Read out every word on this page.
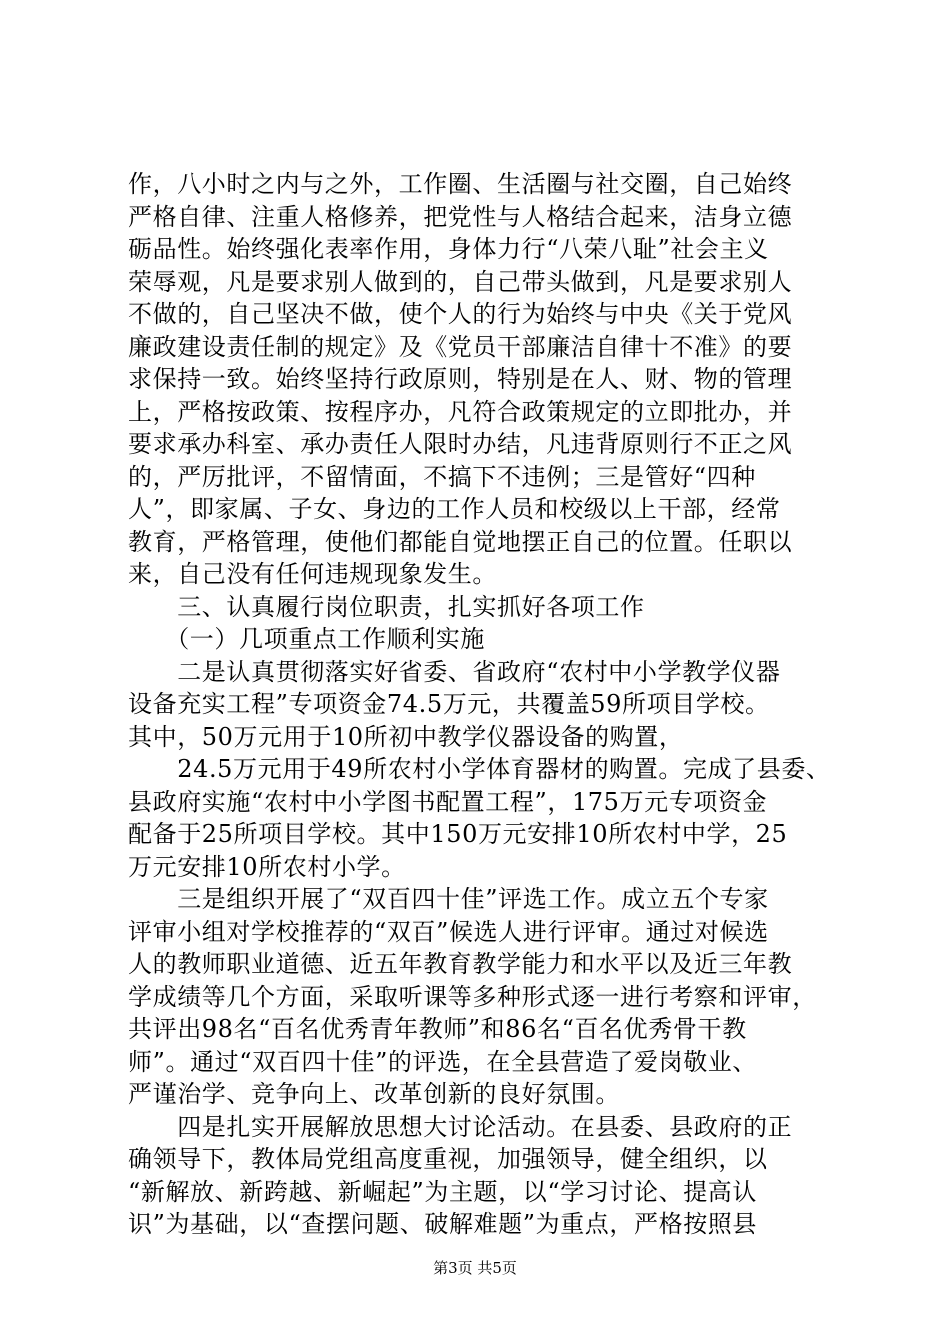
作，八小时之内与之外，工作圈、生活圈与社交圈，自己始终
严格自律、注重人格修养，把党性与人格结合起来，洁身立德
砺品性。始终强化表率作用，身体力行“八荣八耻”社会主义
荣辱观，凡是要求别人做到的，自己带头做到，凡是要求别人
不做的，自己坚决不做，使个人的行为始终与中央《关于党风
廉政建设责任制的规定》及《党员干部廉洁自律十不准》的要
求保持一致。始终坚持行政原则，特别是在人、财、物的管理
上，严格按政策、按程序办，凡符合政策规定的立即批办，并
要求承办科室、承办责任人限时办结，凡违背原则行不正之风
的，严厉批评，不留情面，不搞下不违例；三是管好“四种
人”，即家属、子女、身边的工作人员和校级以上干部，经常
教育，严格管理，使他们都能自觉地摆正自己的位置。任职以
来，自己没有任何违规现象发生。
　　三、认真履行岗位职责，扎实抓好各项工作
　　（一）几项重点工作顺利实施
　　二是认真贯彻落实好省委、省政府“农村中小学教学仪器
设备充实工程”专项资金74.5万元，共覆盖59所项目学校。
其中，50万元用于10所初中教学仪器设备的购置，
　　24.5万元用于49所农村小学体育器材的购置。完成了县委、
县政府实施“农村中小学图书配置工程”，175万元专项资金
配备于25所项目学校。其中150万元安排10所农村中学，25
万元安排10所农村小学。
　　三是组织开展了“双百四十佳”评选工作。成立五个专家
评审小组对学校推荐的“双百”候选人进行评审。通过对候选
人的教师职业道德、近五年教育教学能力和水平以及近三年教
学成绩等几个方面，采取听课等多种形式逐一进行考察和评审，
共评出98名“百名优秀青年教师”和86名“百名优秀骨干教
师”。通过“双百四十佳”的评选，在全县营造了爱岗敬业、
严谨治学、竞争向上、改革创新的良好氛围。
　　四是扎实开展解放思想大讨论活动。在县委、县政府的正
确领导下，教体局党组高度重视，加强领导，健全组织，以
“新解放、新跨越、新崛起”为主题，以“学习讨论、提高认
识”为基础，以“查摆问题、破解难题”为重点，严格按照县
第3页 共5页
